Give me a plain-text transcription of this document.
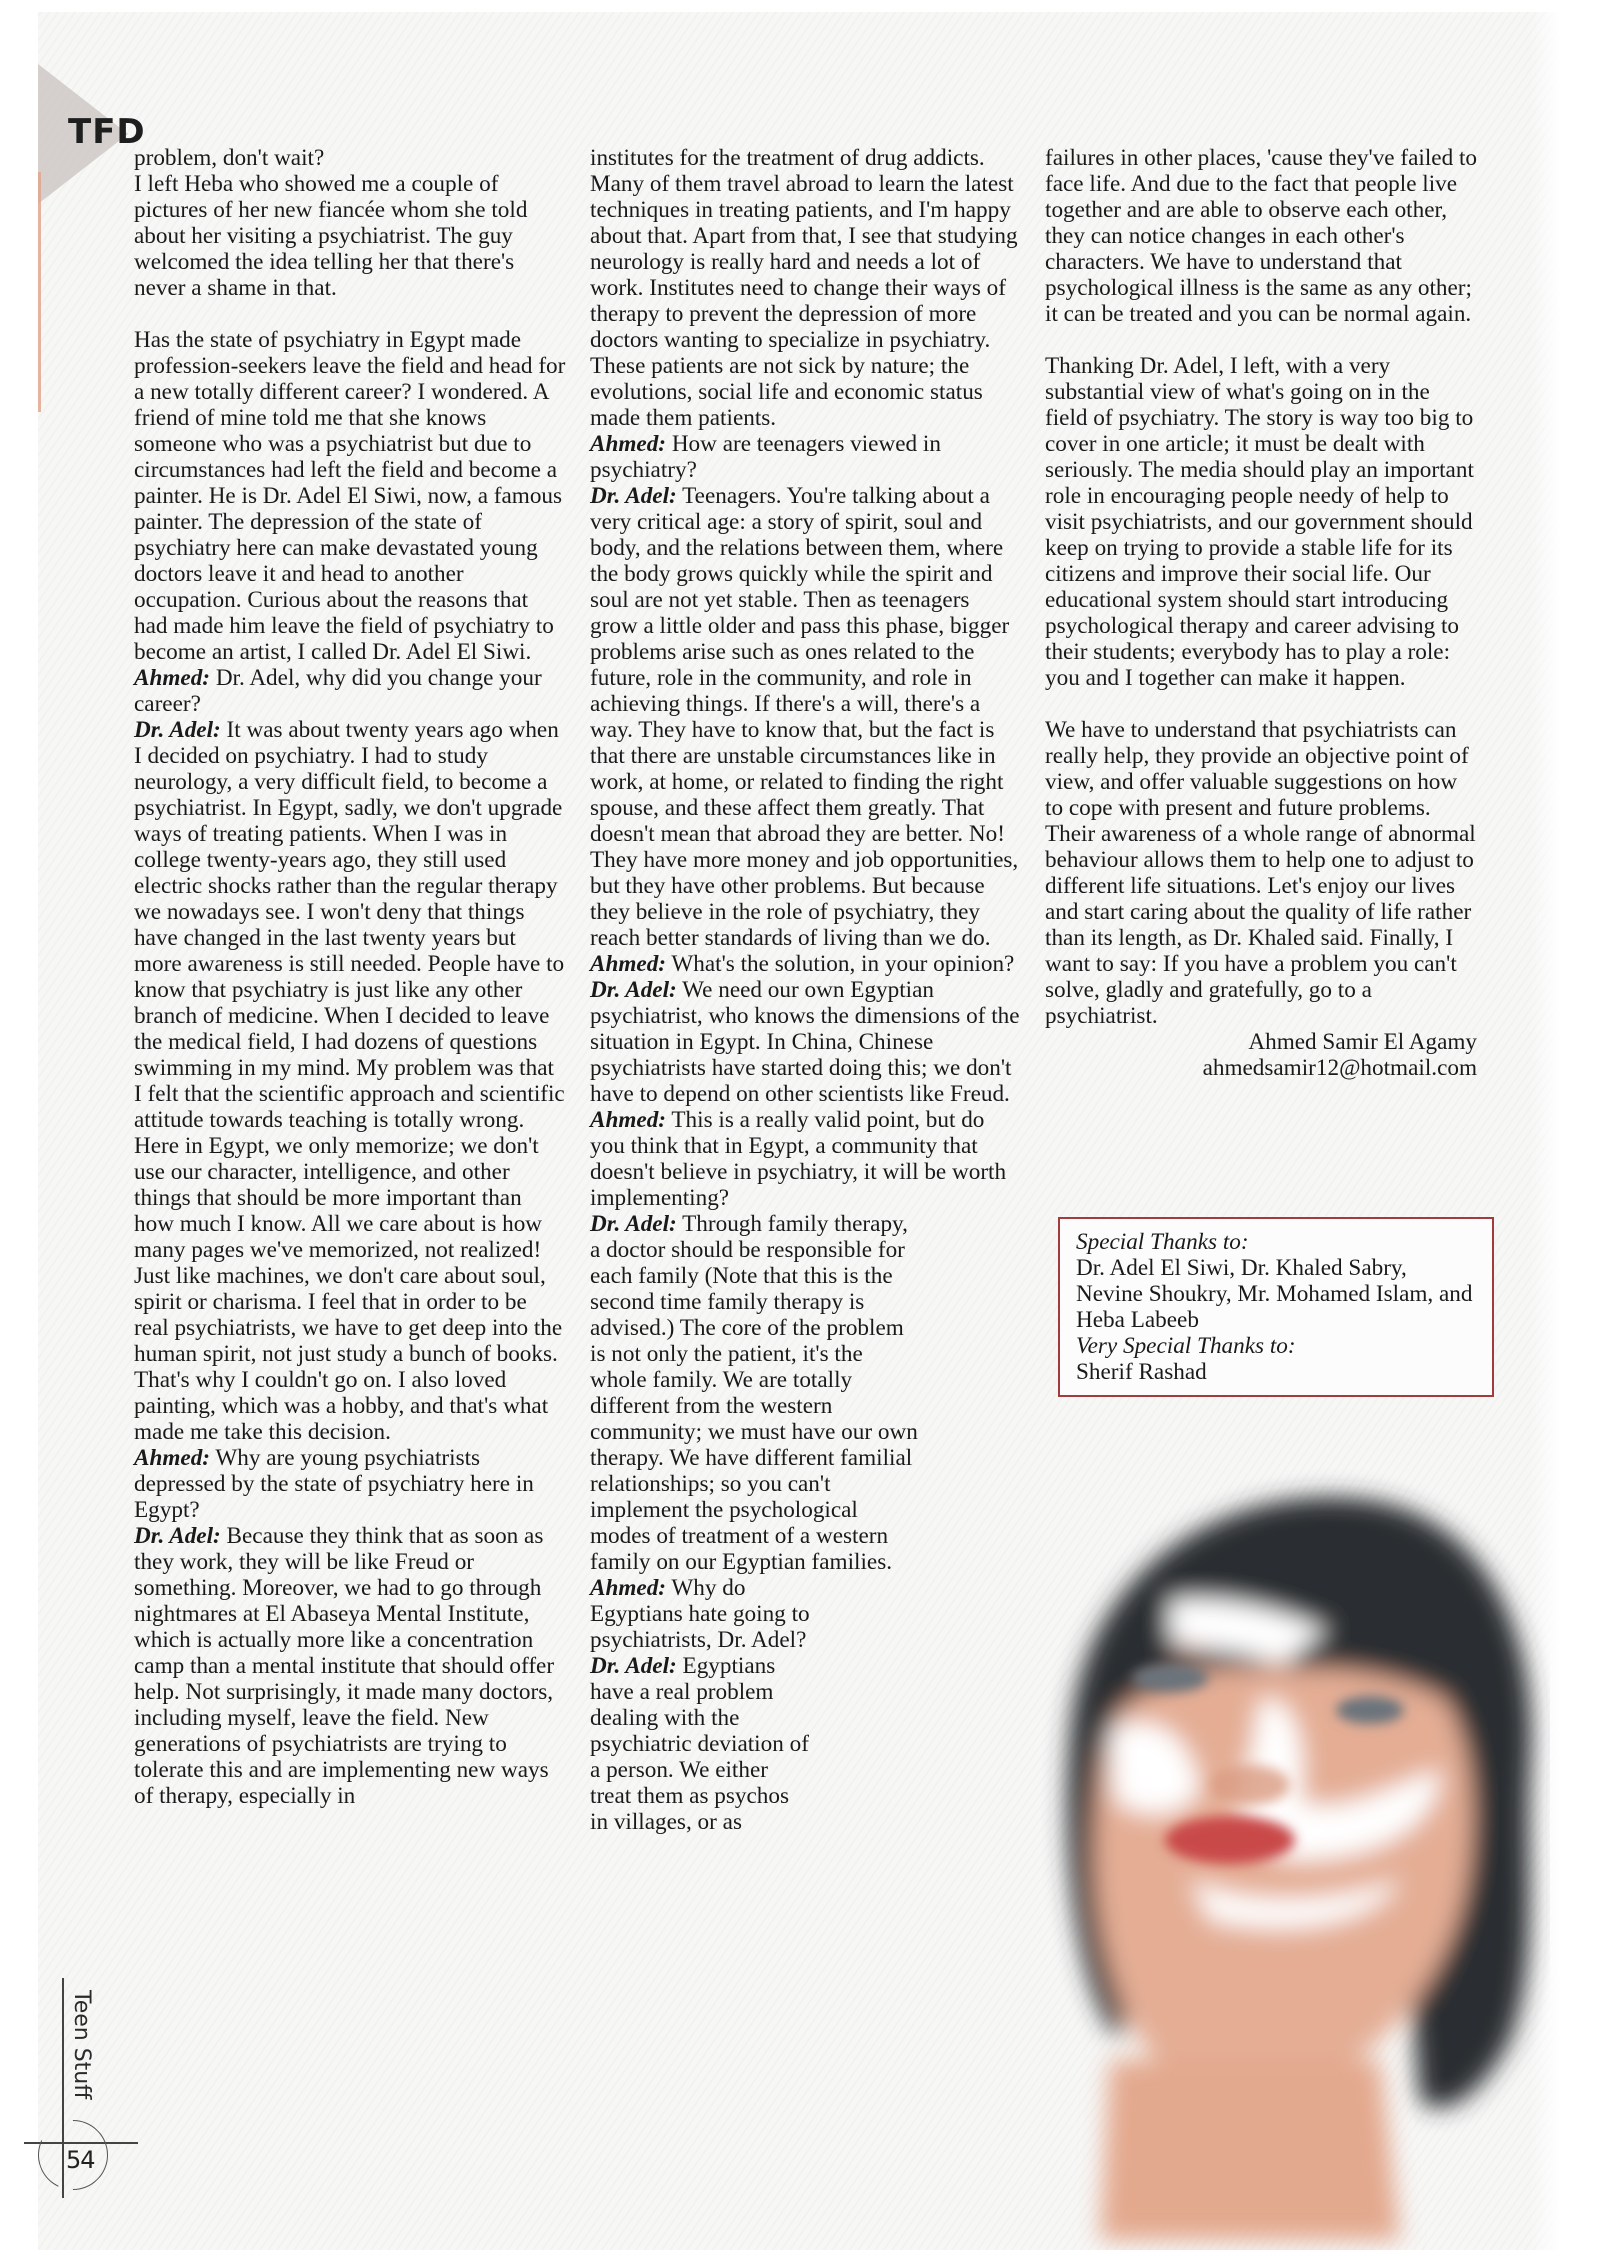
TFD

problem, don't wait?

I left Heba who showed me a couple of pictures of her new fiancée whom she told about her visiting a psychiatrist. The guy welcomed the idea telling her that there's never a shame in that.

Has the state of psychiatry in Egypt made profession-seekers leave the field and head for a new totally different career? I wondered. A friend of mine told me that she knows someone who was a psychiatrist but due to circumstances had left the field and become a painter. He is Dr. Adel El Siwi, now, a famous painter. The depression of the state of psychiatry here can make devastated young doctors leave it and head to another occupation. Curious about the reasons that had made him leave the field of psychiatry to become an artist, I called Dr. Adel El Siwi.

Ahmed: Dr. Adel, why did you change your career?

Dr. Adel: It was about twenty years ago when I decided on psychiatry. I had to study neurology, a very difficult field, to become a psychiatrist. In Egypt, sadly, we don't upgrade ways of treating patients. When I was in college twenty-years ago, they still used electric shocks rather than the regular therapy we nowadays see. I won't deny that things have changed in the last twenty years but more awareness is still needed. People have to know that psychiatry is just like any other branch of medicine. When I decided to leave the medical field, I had dozens of questions swimming in my mind. My problem was that I felt that the scientific approach and scientific attitude towards teaching is totally wrong. Here in Egypt, we only memorize; we don't use our character, intelligence, and other things that should be more important than how much I know. All we care about is how many pages we've memorized, not realized! Just like machines, we don't care about soul, spirit or charisma. I feel that in order to be real psychiatrists, we have to get deep into the human spirit, not just study a bunch of books. That's why I couldn't go on. I also loved painting, which was a hobby, and that's what made me take this decision.

Ahmed: Why are young psychiatrists depressed by the state of psychiatry here in Egypt?

Dr. Adel: Because they think that as soon as they work, they will be like Freud or something. Moreover, we had to go through nightmares at El Abaseya Mental Institute, which is actually more like a concentration camp than a mental institute that should offer help. Not surprisingly, it made many doctors, including myself, leave the field. New generations of psychiatrists are trying to tolerate this and are implementing new ways of therapy, especially in

institutes for the treatment of drug addicts. Many of them travel abroad to learn the latest techniques in treating patients, and I'm happy about that. Apart from that, I see that studying neurology is really hard and needs a lot of work. Institutes need to change their ways of therapy to prevent the depression of more doctors wanting to specialize in psychiatry. These patients are not sick by nature; the evolutions, social life and economic status made them patients.

Ahmed: How are teenagers viewed in psychiatry?

Dr. Adel: Teenagers. You're talking about a very critical age: a story of spirit, soul and body, and the relations between them, where the body grows quickly while the spirit and soul are not yet stable. Then as teenagers grow a little older and pass this phase, bigger problems arise such as ones related to the future, role in the community, and role in achieving things. If there's a will, there's a way. They have to know that, but the fact is that there are unstable circumstances like in work, at home, or related to finding the right spouse, and these affect them greatly. That doesn't mean that abroad they are better. No! They have more money and job opportunities, but they have other problems. But because they believe in the role of psychiatry, they reach better standards of living than we do.

Ahmed: What's the solution, in your opinion?

Dr. Adel: We need our own Egyptian psychiatrist, who knows the dimensions of the situation in Egypt. In China, Chinese psychiatrists have started doing this; we don't have to depend on other scientists like Freud.

Ahmed: This is a really valid point, but do you think that in Egypt, a community that doesn't believe in psychiatry, it will be worth implementing?

Dr. Adel: Through family therapy, a doctor should be responsible for each family (Note that this is the second time family therapy is advised.) The core of the problem is not only the patient, it's the whole family. We are totally different from the western community; we must have our own therapy. We have different familial relationships; so you can't implement the psychological modes of treatment of a western family on our Egyptian families.

Ahmed: Why do Egyptians hate going to psychiatrists, Dr. Adel?

Dr. Adel: Egyptians have a real problem dealing with the psychiatric deviation of a person. We either treat them as psychos in villages, or as

failures in other places, 'cause they've failed to face life. And due to the fact that people live together and are able to observe each other, they can notice changes in each other's characters. We have to understand that psychological illness is the same as any other; it can be treated and you can be normal again.

Thanking Dr. Adel, I left, with a very substantial view of what's going on in the field of psychiatry. The story is way too big to cover in one article; it must be dealt with seriously. The media should play an important role in encouraging people needy of help to visit psychiatrists, and our government should keep on trying to provide a stable life for its citizens and improve their social life. Our educational system should start introducing psychological therapy and career advising to their students; everybody has to play a role: you and I together can make it happen.

We have to understand that psychiatrists can really help, they provide an objective point of view, and offer valuable suggestions on how to cope with present and future problems. Their awareness of a whole range of abnormal behaviour allows them to help one to adjust to different life situations. Let's enjoy our lives and start caring about the quality of life rather than its length, as Dr. Khaled said. Finally, I want to say: If you have a problem you can't solve, gladly and gratefully, go to a psychiatrist.

Ahmed Samir El Agamy

ahmedsamir12@hotmail.com

Special Thanks to:
Dr. Adel El Siwi, Dr. Khaled Sabry, Nevine Shoukry, Mr. Mohamed Islam, and Heba Labeeb
Very Special Thanks to:
Sherif Rashad
Teen Stuff
54
